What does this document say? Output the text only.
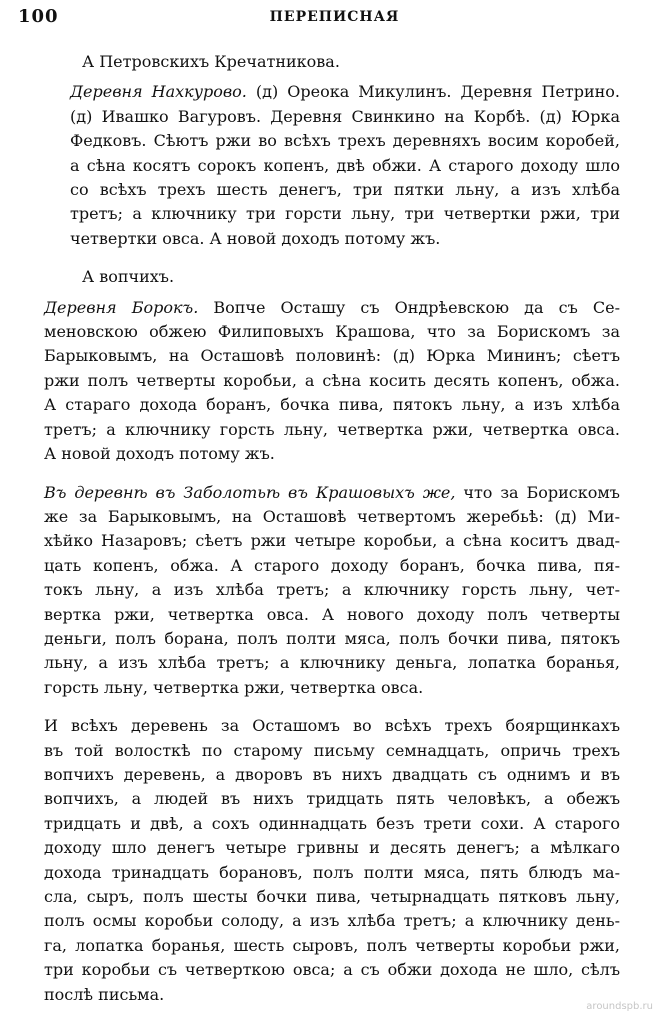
100	ПЕРЕПИСНАЯ
А Петровскихъ Кречатникова.
Деревня Нахкурово. (д) Ореока Микулинъ. Деревня Петрино.
(д) Ивашко Вагуровъ. Деревня Свинкино на Корбѣ. (д) Юрка
Федковъ. Сѣютъ ржи во всѣхъ трехъ деревняхъ восим коробей,
а сѣна косятъ сорокъ копенъ, двѣ обжи. А старого доходу шло
со всѣхъ трехъ шесть денегъ, три пятки льну, а изъ хлѣба
третъ; а ключнику три горсти льну, три четвертки ржи, три
четвертки овса. А новой доходъ потому жъ.
А вопчихъ.
Деревня Борокъ. Вопче Осташу съ Ондрѣевскою да съ Се-
меновскою обжею Филиповыхъ Крашова, что за Борискомъ за
Барыковымъ, на Осташовѣ половинѣ: (д) Юрка Мининъ; сѣетъ
ржи полъ четверты коробьи, а сѣна косить десять копенъ, обжа.
А стараго дохода боранъ, бочка пива, пятокъ льну, а изъ хлѣба
третъ; а ключнику горсть льну, четвертка ржи, четвертка овса.
А новой доходъ потому жъ.
Въ деревнѣ въ Заболотьѣ въ Крашовыхъ же, что за Борискомъ
же за Барыковымъ, на Осташовѣ четвертомъ жеребьѣ: (д) Ми-
хѣйко Назаровъ; сѣетъ ржи четыре коробьи, а сѣна коситъ двад-
цать копенъ, обжа. А старого доходу боранъ, бочка пива, пя-
токъ льну, а изъ хлѣба третъ; а ключнику горсть льну, чет-
вертка ржи, четвертка овса. А нового доходу полъ четверты
деньги, полъ борана, полъ полти мяса, полъ бочки пива, пятокъ
льну, а изъ хлѣба третъ; а ключнику деньга, лопатка боранья,
горсть льну, четвертка ржи, четвертка овса.
И всѣхъ деревень за Осташомъ во всѣхъ трехъ боярщинкахъ
въ той волосткѣ по старому письму семнадцать, опричь трехъ
вопчихъ деревень, а дворовъ въ нихъ двадцать съ однимъ и въ
вопчихъ, а людей въ нихъ тридцать пять человѣкъ, а обежъ
тридцать и двѣ, а сохъ одиннадцать безъ трети сохи. А старого
доходу шло денегъ четыре гривны и десять денегъ; а мѣлкаго
дохода тринадцать борановъ, полъ полти мяса, пять блюдъ ма-
сла, сыръ, полъ шесты бочки пива, четырнадцать пятковъ льну,
полъ осмы коробьи солоду, а изъ хлѣба третъ; а ключнику день-
га, лопатка боранья, шесть сыровъ, полъ четверты коробьи ржи,
три коробьи съ четверткою овса; а съ обжи дохода не шло, сѣлъ
послѣ письма.
aroundspb.ru
